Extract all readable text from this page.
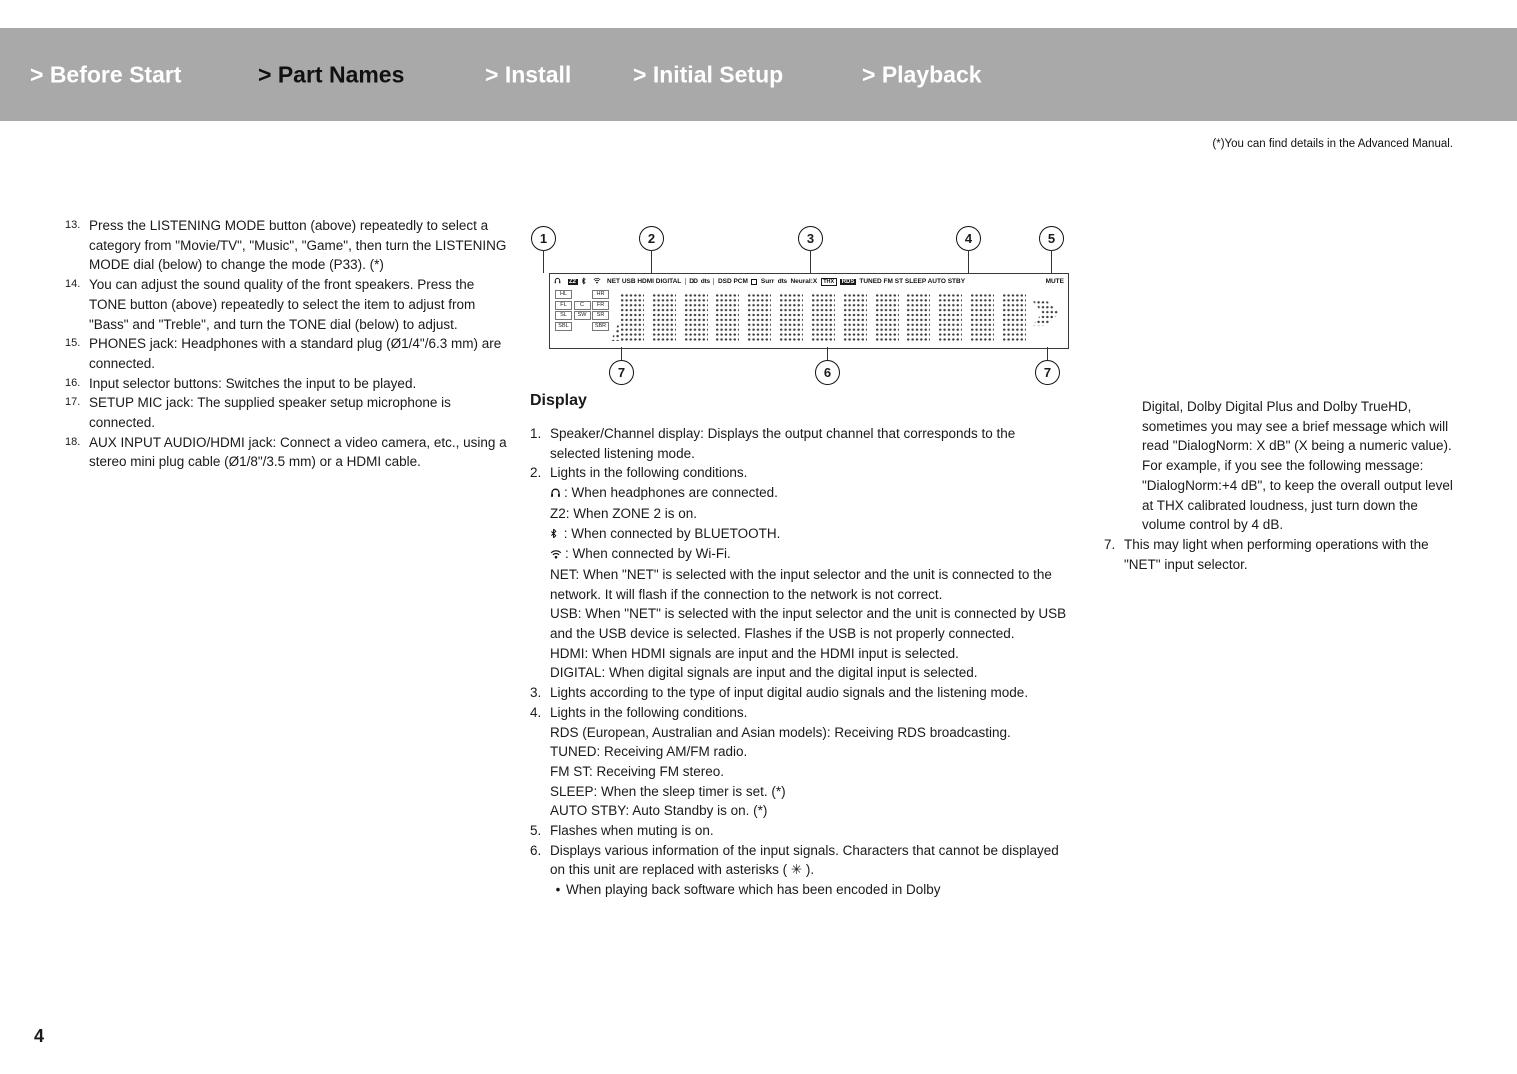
> Before Start	> Part Names	> Install	> Initial Setup	> Playback
(*)You can find details in the Advanced Manual.
13. Press the LISTENING MODE button (above) repeatedly to select a category from "Movie/TV", "Music", "Game", then turn the LISTENING MODE dial (below) to change the mode (P33). (*)
14. You can adjust the sound quality of the front speakers. Press the TONE button (above) repeatedly to select the item to adjust from "Bass" and "Treble", and turn the TONE dial (below) to adjust.
15. PHONES jack: Headphones with a standard plug (Ø1/4"/6.3 mm) are connected.
16. Input selector buttons: Switches the input to be played.
17. SETUP MIC jack: The supplied speaker setup microphone is connected.
18. AUX INPUT AUDIO/HDMI jack: Connect a video camera, etc., using a stereo mini plug cable (Ø1/8"/3.5 mm) or a HDMI cable.
1	2	3	4	5
Z2	NET USB HDMI DIGITAL DD dts DSD PCM Surr dts Neural:X	THX	RDS TUNED FM ST SLEEP AUTO STBY	MUTE
HL	HR
FL	C	FR
SL	SW	SR
SBL	SBR
7	6	7
Display
1. Speaker/Channel display: Displays the output channel that corresponds to the selected listening mode.
2. Lights in the following conditions.
: When headphones are connected.
Z2: When ZONE 2 is on.
: When connected by BLUETOOTH.
: When connected by Wi-Fi.
NET: When "NET" is selected with the input selector and the unit is connected to the network. It will flash if the connection to the network is not correct.
USB: When "NET" is selected with the input selector and the unit is connected by USB and the USB device is selected. Flashes if the USB is not properly connected.
HDMI: When HDMI signals are input and the HDMI input is selected.
DIGITAL: When digital signals are input and the digital input is selected.
3. Lights according to the type of input digital audio signals and the listening mode.
4. Lights in the following conditions.
RDS (European, Australian and Asian models): Receiving RDS broadcasting.
TUNED: Receiving AM/FM radio.
FM ST: Receiving FM stereo.
SLEEP: When the sleep timer is set. (*)
AUTO STBY: Auto Standby is on. (*)
5. Flashes when muting is on.
6. Displays various information of the input signals. Characters that cannot be displayed on this unit are replaced with asterisks ( ✳ ).
• When playing back software which has been encoded in Dolby
Digital, Dolby Digital Plus and Dolby TrueHD, sometimes you may see a brief message which will read "DialogNorm: X dB" (X being a numeric value). For example, if you see the following message: "DialogNorm:+4 dB", to keep the overall output level at THX calibrated loudness, just turn down the volume control by 4 dB.
7. This may light when performing operations with the "NET" input selector.
4
